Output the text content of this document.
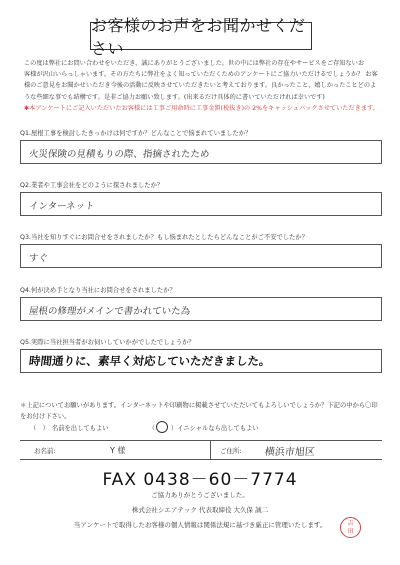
お客様のお声をお聞かせください
この度は弊社にお問い合わせをいただき、誠にありがとうございました。世の中には弊社の存在やサービスをご存知ないお
客様が沢山いらっしゃいます。その方たちに弊社をよく知っていただくためのアンケートにご協力いただけるでしょうか？ お客
様のご意見をお聞かせいただき今後の活動に反映させていただきたいと考えております。良かったこと、嬉しかったことどのよ
うな些細な事でも結構です。是非ご協力お願い致します。(出来るだけ具体的に書いていただければ幸いです)
✱本アンケートにご記入いただいたお客様には工事ご用命時に工事金額(税抜き)の 2%をキャッシュバックさせていただきます。
Q1.屋根工事を検討したきっかけは何ですか？どんなことで悩まれていましたか？
火災保険の見積もりの際、指摘されたため
Q2.業者や工事会社をどのように探されましたか？
インターネット
Q3.当社を知りすぐにお問合せをされましたか？もし悩まれたとしたらどんなことがご不安でしたか？
すぐ
Q4.何が決め手となり当社にお問合せをされましたか？
屋根の修理がメインで書かれていた為
Q5.実際に当社担当者がお伺いしていかがでしたでしょうか？
時間通りに、素早く対応していただきました。
＊上記についてお願いがあります。インターネットや印刷物に掲載させていただいてもよろしいでしょうか？下記の中から〇印
をお付け下さい。
（　） 名前を出してもよい	（○ ） イニシャルなら出してもよい
お名前:	Y 様	ご住所: 横浜市旭区
FAX 0438－60－7774
ご協力ありがとうございました。
株式会社シエアテック 代表取締役 大久保 誠二
当アンケートで取得したお客様の個人情報は関係法規に基づき厳正に管理いたします。	吉
田
